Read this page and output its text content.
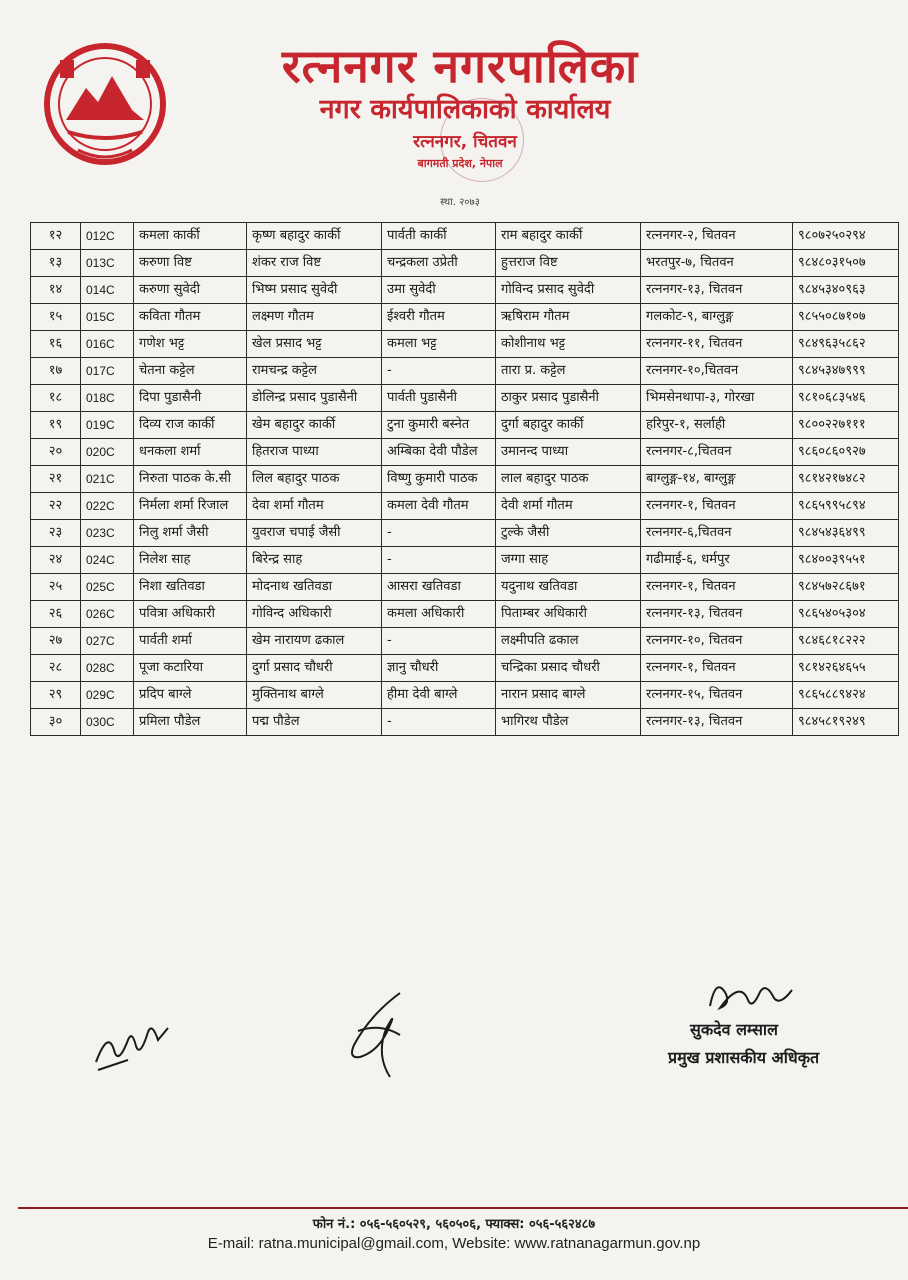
रत्ननगर नगरपालिका
नगर कार्यपालिकाको कार्यालय
रत्ननगर, चितवन
बागमती प्रदेश, नेपाल
स्था. २०७३
१२	012C	कमला कार्की	कृष्ण बहादुर कार्की	पार्वती कार्की	राम बहादुर कार्की	रत्ननगर-२, चितवन	९८०७२५०२९४
१३	013C	करुणा विष्ट	शंकर राज विष्ट	चन्द्रकला उप्रेती	हुत्तराज विष्ट	भरतपुर-७, चितवन	९८४८०३१५०७
१४	014C	करुणा सुवेदी	भिष्म प्रसाद सुवेदी	उमा सुवेदी	गोविन्द प्रसाद सुवेदी	रत्ननगर-१३, चितवन	९८४५३४०९६३
१५	015C	कविता गौतम	लक्ष्मण गौतम	ईश्वरी गौतम	ऋषिराम गौतम	गलकोट-९, बाग्लुङ्ग	९८५५०८७१०७
१६	016C	गणेश भट्ट	खेल प्रसाद भट्ट	कमला भट्ट	कोशीनाथ भट्ट	रत्ननगर-११, चितवन	९८४९६३५८६२
१७	017C	चेतना कट्टेल	रामचन्द्र कट्टेल	-	तारा प्र. कट्टेल	रत्ननगर-१०,चितवन	९८४५३४७९९९
१८	018C	दिपा पुडासैनी	डोलिन्द्र प्रसाद पुडासैनी	पार्वती पुडासैनी	ठाकुर प्रसाद पुडासैनी	भिमसेनथापा-३, गोरखा	९८१०६८३५४६
१९	019C	दिव्य राज कार्की	खेम बहादुर कार्की	टुना कुमारी बस्नेत	दुर्गा बहादुर कार्की	हरिपुर-१, सर्लाही	९८००२२७१११
२०	020C	धनकला शर्मा	हितराज पाध्या	अम्बिका देवी पौडेल	उमानन्द पाध्या	रत्ननगर-८,चितवन	९८६०८६०९२७
२१	021C	निरुता पाठक के.सी	लिल बहादुर पाठक	विष्णु कुमारी पाठक	लाल बहादुर पाठक	बाग्लुङ्ग-१४, बाग्लुङ्ग	९८१४२१७४८२
२२	022C	निर्मला शर्मा रिजाल	देवा शर्मा गौतम	कमला देवी गौतम	देवी शर्मा गौतम	रत्ननगर-१, चितवन	९८६५९९५८९४
२३	023C	निलु शर्मा जैसी	युवराज चपाई जैसी	-	टुल्के जैसी	रत्ननगर-६,चितवन	९८४५४३६४९९
२४	024C	निलेश साह	बिरेन्द्र साह	-	जग्गा साह	गढीमाई-६, धर्मपुर	९८४००३९५५१
२५	025C	निशा खतिवडा	मोदनाथ खतिवडा	आसरा खतिवडा	यदुनाथ खतिवडा	रत्ननगर-१, चितवन	९८४५७२८६७१
२६	026C	पवित्रा अधिकारी	गोविन्द अधिकारी	कमला अधिकारी	पिताम्बर अधिकारी	रत्ननगर-१३, चितवन	९८६५४०५३०४
२७	027C	पार्वती शर्मा	खेम नारायण ढकाल	-	लक्ष्मीपति ढकाल	रत्ननगर-१०, चितवन	९८४६८१८२२२
२८	028C	पूजा कटारिया	दुर्गा प्रसाद चौधरी	ज्ञानु चौधरी	चन्द्रिका प्रसाद चौधरी	रत्ननगर-१, चितवन	९८१४२६४६५५
२९	029C	प्रदिप बाग्ले	मुक्तिनाथ बाग्ले	हीमा देवी बाग्ले	नारान प्रसाद बाग्ले	रत्ननगर-१५, चितवन	९८६५८८९४२४
३०	030C	प्रमिला पौडेल	पद्म पौडेल	-	भागिरथ पौडेल	रत्ननगर-१३, चितवन	९८४५८१९२४९
सुकदेव लम्साल
प्रमुख प्रशासकीय अधिकृत
फोन नं.: ०५६-५६०५२९, ५६०५०६, फ्याक्स: ०५६-५६२४८७
E-mail: ratna.municipal@gmail.com, Website: www.ratnanagarmun.gov.np
